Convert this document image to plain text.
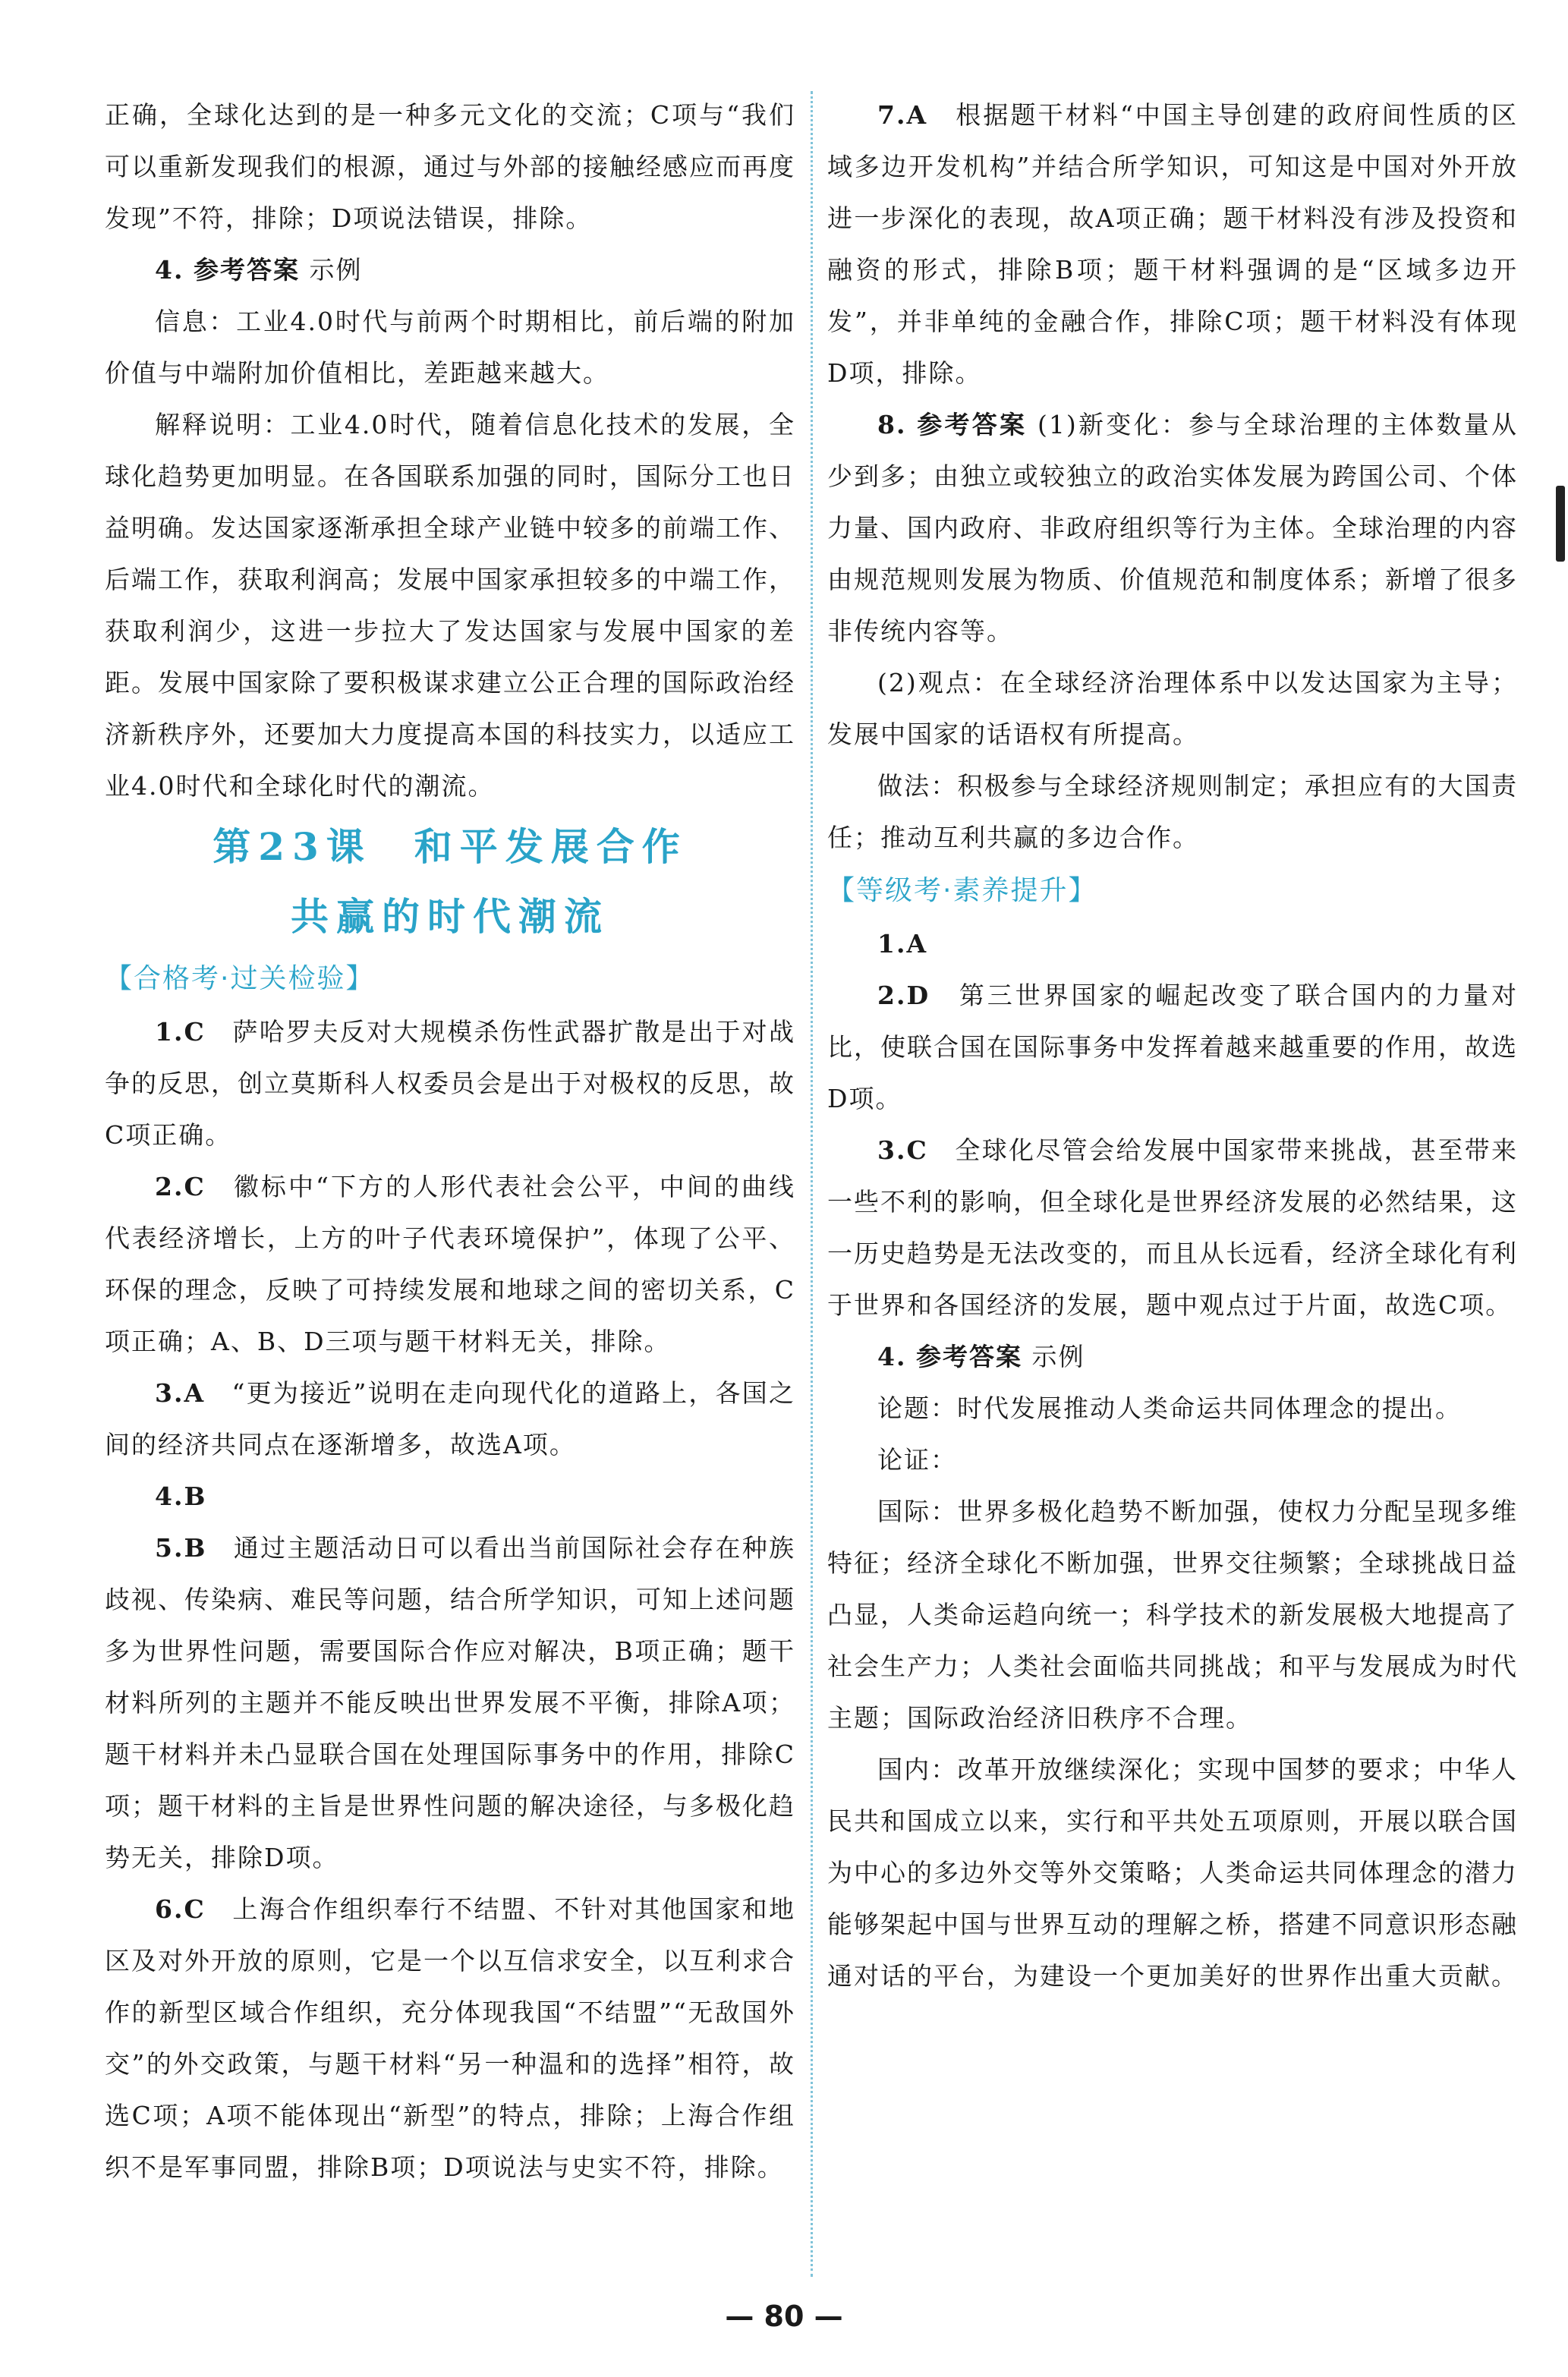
正确，全球化达到的是一种多元文化的交流；C项与“我们可以重新发现我们的根源，通过与外部的接触经感应而再度发现”不符，排除；D项说法错误，排除。

4. 参考答案 示例

信息：工业4.0时代与前两个时期相比，前后端的附加价值与中端附加价值相比，差距越来越大。

解释说明：工业4.0时代，随着信息化技术的发展，全球化趋势更加明显。在各国联系加强的同时，国际分工也日益明确。发达国家逐渐承担全球产业链中较多的前端工作、后端工作，获取利润高；发展中国家承担较多的中端工作，获取利润少，这进一步拉大了发达国家与发展中国家的差距。发展中国家除了要积极谋求建立公正合理的国际政治经济新秩序外，还要加大力度提高本国的科技实力，以适应工业4.0时代和全球化时代的潮流。

第23课 和平发展合作
共赢的时代潮流
【合格考·过关检验】

1.C　 萨哈罗夫反对大规模杀伤性武器扩散是出于对战争的反思，创立莫斯科人权委员会是出于对极权的反思，故C项正确。

2.C　 徽标中“下方的人形代表社会公平，中间的曲线代表经济增长，上方的叶子代表环境保护”，体现了公平、环保的理念，反映了可持续发展和地球之间的密切关系，C项正确；A、B、D三项与题干材料无关，排除。

3.A　 “更为接近”说明在走向现代化的道路上，各国之间的经济共同点在逐渐增多，故选A项。

4.B

5.B　 通过主题活动日可以看出当前国际社会存在种族歧视、传染病、难民等问题，结合所学知识，可知上述问题多为世界性问题，需要国际合作应对解决，B项正确；题干材料所列的主题并不能反映出世界发展不平衡，排除A项；题干材料并未凸显联合国在处理国际事务中的作用，排除C项；题干材料的主旨是世界性问题的解决途径，与多极化趋势无关，排除D项。

6.C　 上海合作组织奉行不结盟、不针对其他国家和地区及对外开放的原则，它是一个以互信求安全，以互利求合作的新型区域合作组织，充分体现我国“不结盟”“无敌国外交”的外交政策，与题干材料“另一种温和的选择”相符，故选C项；A项不能体现出“新型”的特点，排除；上海合作组织不是军事同盟，排除B项；D项说法与史实不符，排除。

7.A　 根据题干材料“中国主导创建的政府间性质的区域多边开发机构”并结合所学知识，可知这是中国对外开放进一步深化的表现，故A项正确；题干材料没有涉及投资和融资的形式，排除B项；题干材料强调的是“区域多边开发”，并非单纯的金融合作，排除C项；题干材料没有体现D项，排除。

8. 参考答案 (1)新变化：参与全球治理的主体数量从少到多；由独立或较独立的政治实体发展为跨国公司、个体力量、国内政府、非政府组织等行为主体。全球治理的内容由规范规则发展为物质、价值规范和制度体系；新增了很多非传统内容等。

(2)观点：在全球经济治理体系中以发达国家为主导；发展中国家的话语权有所提高。

做法：积极参与全球经济规则制定；承担应有的大国责任；推动互利共赢的多边合作。

【等级考·素养提升】

1.A

2.D　 第三世界国家的崛起改变了联合国内的力量对比，使联合国在国际事务中发挥着越来越重要的作用，故选D项。

3.C　 全球化尽管会给发展中国家带来挑战，甚至带来一些不利的影响，但全球化是世界经济发展的必然结果，这一历史趋势是无法改变的，而且从长远看，经济全球化有利于世界和各国经济的发展，题中观点过于片面，故选C项。

4. 参考答案 示例

论题：时代发展推动人类命运共同体理念的提出。

论证：

国际：世界多极化趋势不断加强，使权力分配呈现多维特征；经济全球化不断加强，世界交往频繁；全球挑战日益凸显，人类命运趋向统一；科学技术的新发展极大地提高了社会生产力；人类社会面临共同挑战；和平与发展成为时代主题；国际政治经济旧秩序不合理。

国内：改革开放继续深化；实现中国梦的要求；中华人民共和国成立以来，实行和平共处五项原则，开展以联合国为中心的多边外交等外交策略；人类命运共同体理念的潜力能够架起中国与世界互动的理解之桥，搭建不同意识形态融通对话的平台，为建设一个更加美好的世界作出重大贡献。

— 80 —
